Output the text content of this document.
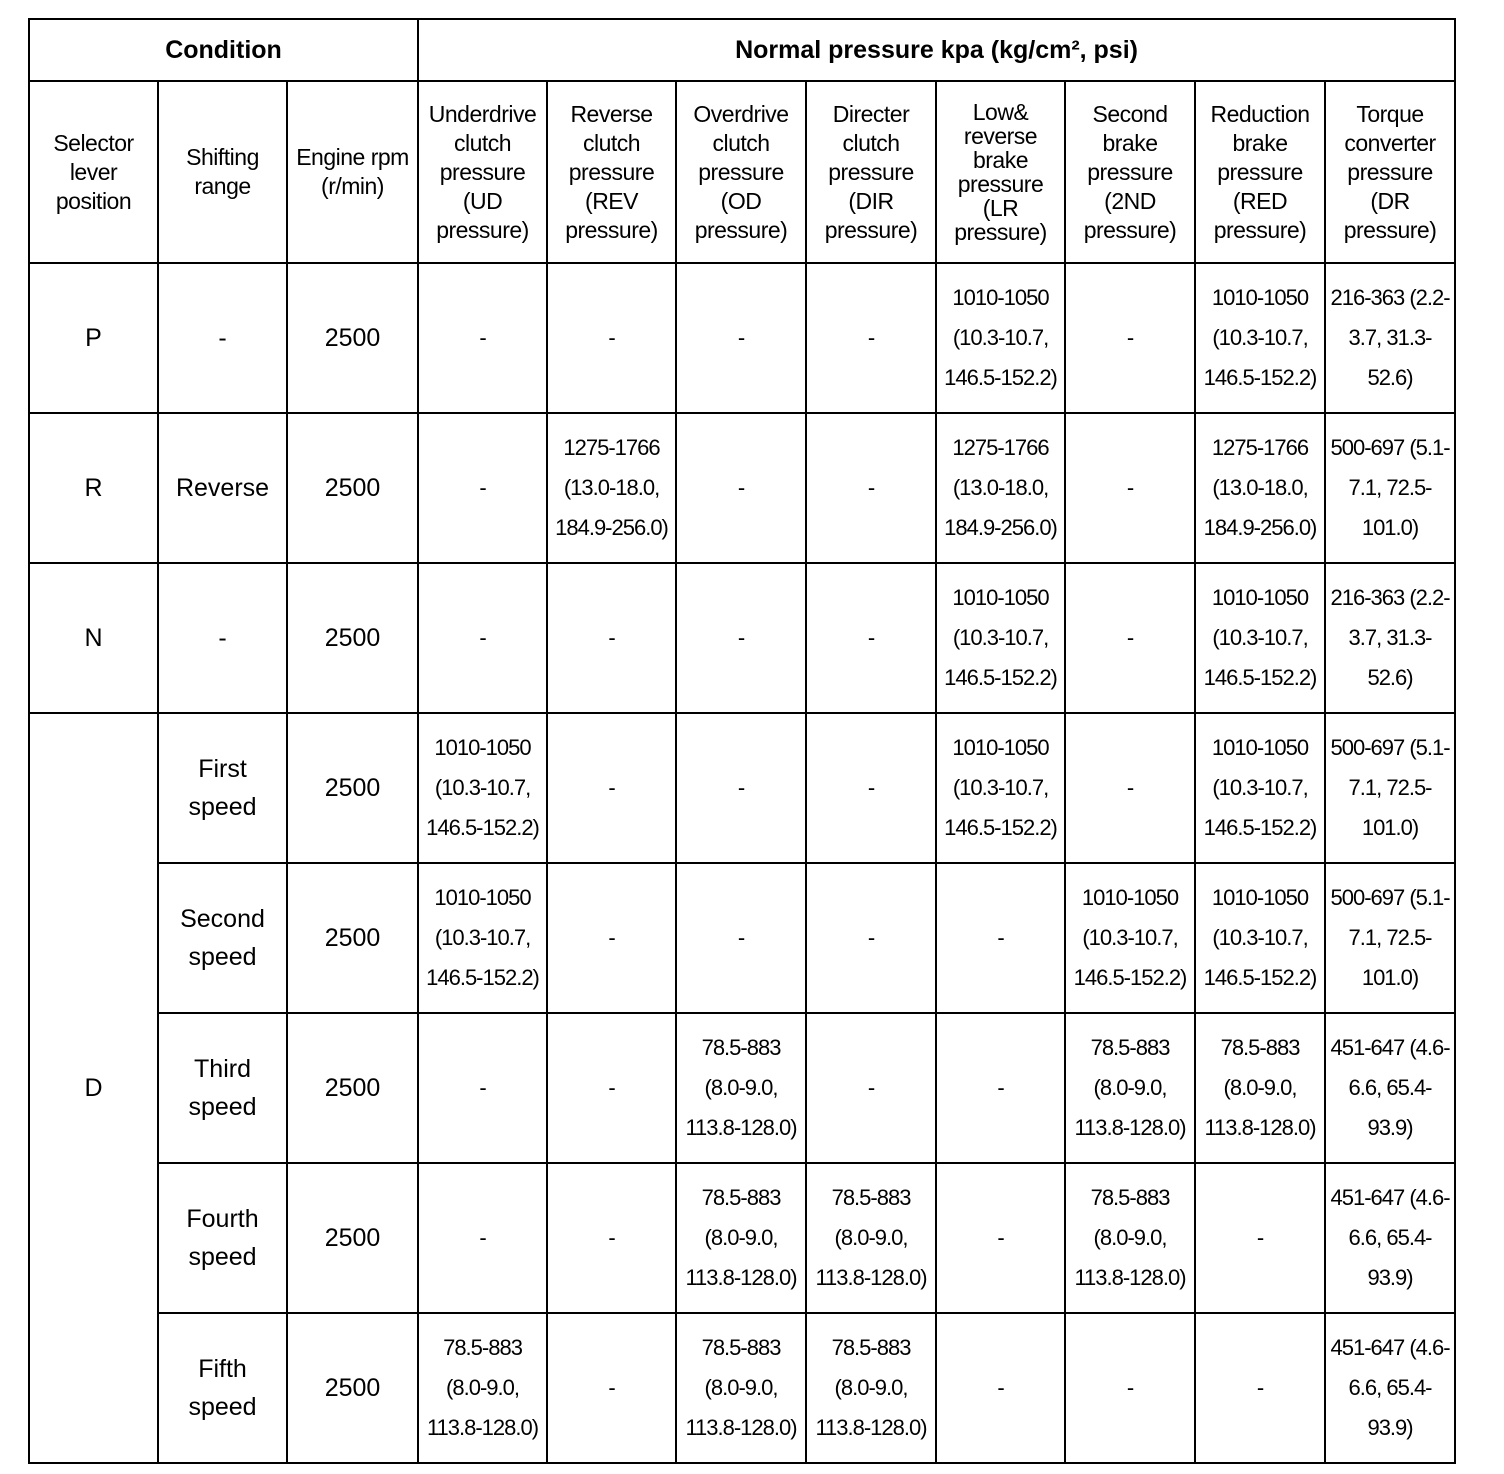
Condition			Normal pressure kpa (kg/cm², psi)							
Selector lever position	Shifting range	Engine rpm (r/min)	Underdrive clutch pressure (UD pressure)	Reverse clutch pressure (REV pressure)	Overdrive clutch pressure (OD pressure)	Directer clutch pressure (DIR pressure)	Low& reverse brake pressure (LR pressure)	Second brake pressure (2ND pressure)	Reduction brake pressure (RED pressure)	Torque converter pressure (DR pressure)
P	-	2500	-	-	-	-	1010-1050 (10.3-10.7, 146.5-152.2)	-	1010-1050 (10.3-10.7, 146.5-152.2)	216-363 (2.2-3.7, 31.3-52.6)
R	Reverse	2500	-	1275-1766 (13.0-18.0, 184.9-256.0)	-	-	1275-1766 (13.0-18.0, 184.9-256.0)	-	1275-1766 (13.0-18.0, 184.9-256.0)	500-697 (5.1-7.1, 72.5-101.0)
N	-	2500	-	-	-	-	1010-1050 (10.3-10.7, 146.5-152.2)	-	1010-1050 (10.3-10.7, 146.5-152.2)	216-363 (2.2-3.7, 31.3-52.6)
D	First speed	2500	1010-1050 (10.3-10.7, 146.5-152.2)	-	-	-	1010-1050 (10.3-10.7, 146.5-152.2)	-	1010-1050 (10.3-10.7, 146.5-152.2)	500-697 (5.1-7.1, 72.5-101.0)
	Second speed	2500	1010-1050 (10.3-10.7, 146.5-152.2)	-	-	-	-	1010-1050 (10.3-10.7, 146.5-152.2)	1010-1050 (10.3-10.7, 146.5-152.2)	500-697 (5.1-7.1, 72.5-101.0)
	Third speed	2500	-	-	78.5-883 (8.0-9.0, 113.8-128.0)	-	-	78.5-883 (8.0-9.0, 113.8-128.0)	78.5-883 (8.0-9.0, 113.8-128.0)	451-647 (4.6-6.6, 65.4-93.9)
	Fourth speed	2500	-	-	78.5-883 (8.0-9.0, 113.8-128.0)	78.5-883 (8.0-9.0, 113.8-128.0)	-	78.5-883 (8.0-9.0, 113.8-128.0)	-	451-647 (4.6-6.6, 65.4-93.9)
	Fifth speed	2500	78.5-883 (8.0-9.0, 113.8-128.0)	-	78.5-883 (8.0-9.0, 113.8-128.0)	78.5-883 (8.0-9.0, 113.8-128.0)	-	-	-	451-647 (4.6-6.6, 65.4-93.9)
